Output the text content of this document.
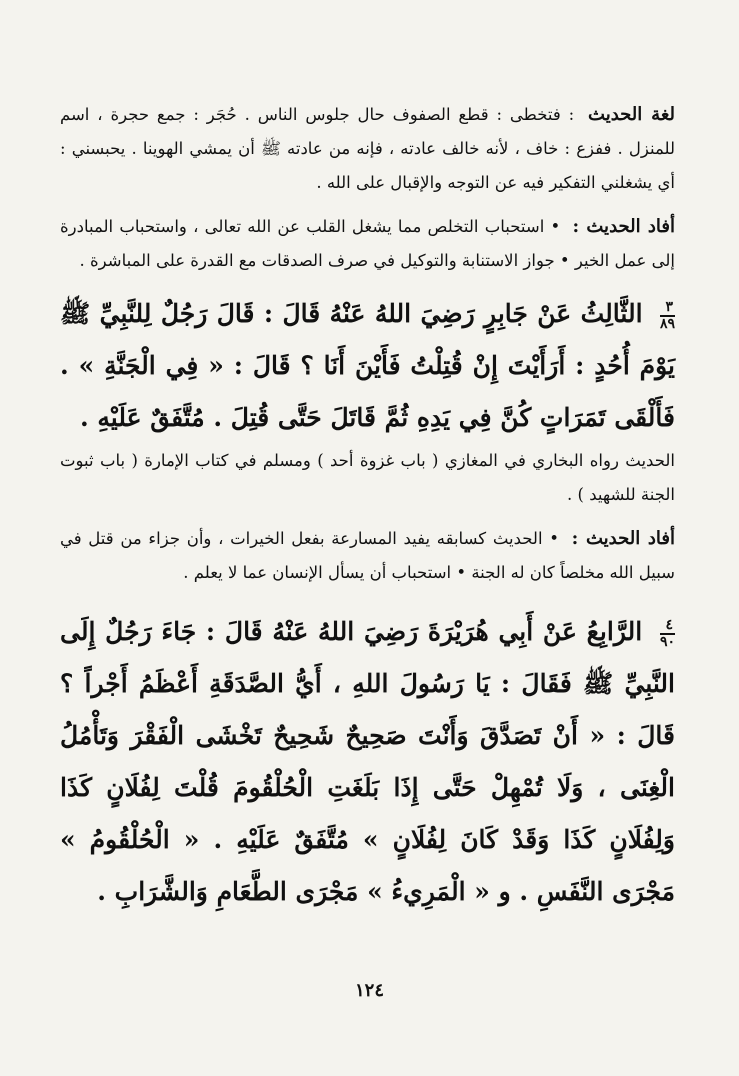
لغة الحديث : فتخطى : قطع الصفوف حال جلوس الناس . حُجَر : جمع حجرة ، اسم للمنزل . ففزع : خاف ، لأنه خالف عادته ، فإنه من عادته ﷺ أن يمشي الهوينا . يحبسني : أي يشغلني التفكير فيه عن التوجه والإقبال على الله .

أفاد الحديث : • استحباب التخلص مما يشغل القلب عن الله تعالى ، واستحباب المبادرة إلى عمل الخير • جواز الاستنابة والتوكيل في صرف الصدقات مع القدرة على المباشرة .

٣
٨٩
الثَّالِثُ عَنْ جَابِرٍ رَضِيَ اللهُ عَنْهُ قَالَ : قَالَ رَجُلٌ لِلنَّبِيِّ ﷺ يَوْمَ أُحُدٍ : أَرَأَيْتَ إِنْ قُتِلْتُ فَأَيْنَ أَنَا ؟ قَالَ : « فِي الْجَنَّةِ » . فَأَلْقَى تَمَرَاتٍ كُنَّ فِي يَدِهِ ثُمَّ قَاتَلَ حَتَّى قُتِلَ . مُتَّفَقٌ عَلَيْهِ .

الحديث رواه البخاري في المغازي ( باب غزوة أحد ) ومسلم في كتاب الإمارة ( باب ثبوت الجنة للشهيد ) .

أفاد الحديث : • الحديث كسابقه يفيد المسارعة بفعل الخيرات ، وأن جزاء من قتل في سبيل الله مخلصاً كان له الجنة • استحباب أن يسأل الإنسان عما لا يعلم .

٤
٩٠
الرَّابِعُ عَنْ أَبِي هُرَيْرَةَ رَضِيَ اللهُ عَنْهُ قَالَ : جَاءَ رَجُلٌ إِلَى النَّبِيِّ ﷺ فَقَالَ : يَا رَسُولَ اللهِ ، أَيُّ الصَّدَقَةِ أَعْظَمُ أَجْراً ؟ قَالَ : « أَنْ تَصَدَّقَ وَأَنْتَ صَحِيحٌ شَحِيحٌ تَخْشَى الْفَقْرَ وَتَأْمُلُ الْغِنَى ، وَلَا تُمْهِلْ حَتَّى إِذَا بَلَغَتِ الْحُلْقُومَ قُلْتَ لِفُلَانٍ كَذَا وَلِفُلَانٍ كَذَا وَقَدْ كَانَ لِفُلَانٍ » مُتَّفَقٌ عَلَيْهِ . « الْحُلْقُومُ » مَجْرَى النَّفَسِ . و « الْمَرِيءُ » مَجْرَى الطَّعَامِ وَالشَّرَابِ .

١٢٤
